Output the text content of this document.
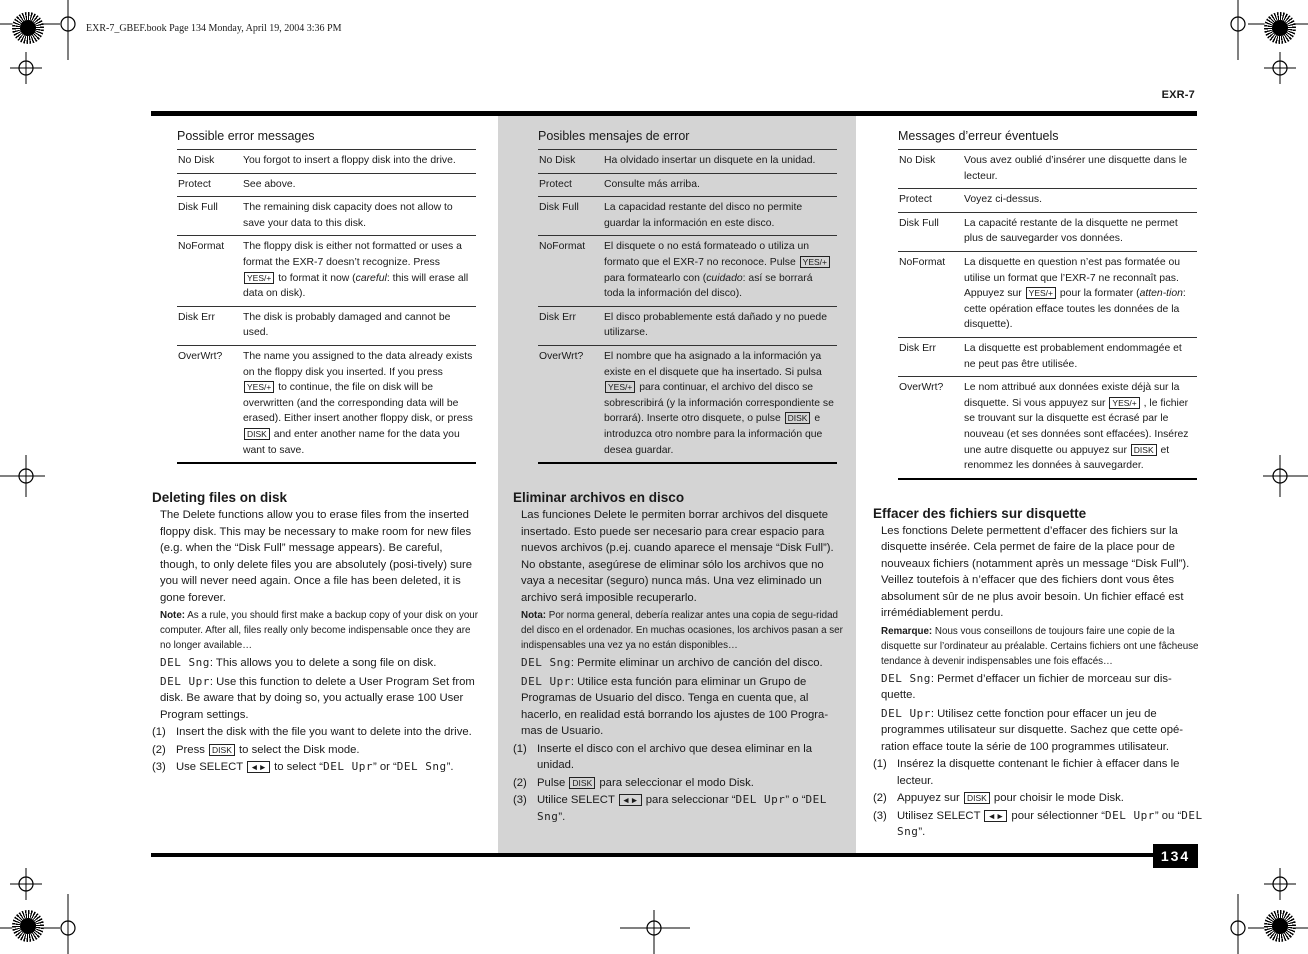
EXR-7_GBEF.book Page 134 Monday, April 19, 2004 3:36 PM
EXR-7
134
Possible error messages
No Disk	You forgot to insert a floppy disk into the drive.
Protect	See above.
Disk Full	The remaining disk capacity does not allow to save your data to this disk.
NoFormat	The floppy disk is either not formatted or uses a format the EXR-7 doesn’t recognize. Press YES/+ to format it now (careful: this will erase all data on disk).
Disk Err	The disk is probably damaged and cannot be used.
OverWrt?	The name you assigned to the data already exists on the floppy disk you inserted. If you press YES/+ to continue, the file on disk will be overwritten (and the corresponding data will be erased). Either insert another floppy disk, or press DISK and enter another name for the data you want to save.
Deleting files on disk
The Delete functions allow you to erase files from the inserted floppy disk. This may be necessary to make room for new files (e.g. when the “Disk Full” message appears). Be careful, though, to only delete files you are absolutely (posi-tively) sure you will never need again. Once a file has been deleted, it is gone forever.
Note: As a rule, you should first make a backup copy of your disk on your computer. After all, files really only become indispensable once they are no longer available…
DEL Sng: This allows you to delete a song file on disk.
DEL Upr: Use this function to delete a User Program Set from disk. Be aware that by doing so, you actually erase 100 User Program settings.
(1) Insert the disk with the file you want to delete into the drive.
(2) Press DISK to select the Disk mode.
(3) Use SELECT ◄► to select “DEL Upr” or “DEL Sng”.
Posibles mensajes de error
No Disk	Ha olvidado insertar un disquete en la unidad.
Protect	Consulte más arriba.
Disk Full	La capacidad restante del disco no permite guardar la información en este disco.
NoFormat	El disquete o no está formateado o utiliza un formato que el EXR-7 no reconoce. Pulse YES/+ para formatearlo con (cuidado: así se borrará toda la información del disco).
Disk Err	El disco probablemente está dañado y no puede utilizarse.
OverWrt?	El nombre que ha asignado a la información ya existe en el disquete que ha insertado. Si pulsa YES/+ para continuar, el archivo del disco se sobrescribirá (y la información correspondiente se borrará). Inserte otro disquete, o pulse DISK e introduzca otro nombre para la información que desea guardar.
Eliminar archivos en disco
Las funciones Delete le permiten borrar archivos del disquete insertado. Esto puede ser necesario para crear espacio para nuevos archivos (p.ej. cuando aparece el mensaje “Disk Full”). No obstante, asegúrese de eliminar sólo los archivos que no vaya a necesitar (seguro) nunca más. Una vez eliminado un archivo será imposible recuperarlo.
Nota: Por norma general, debería realizar antes una copia de segu-ridad del disco en el ordenador. En muchas ocasiones, los archivos pasan a ser indispensables una vez ya no están disponibles…
DEL Sng: Permite eliminar un archivo de canción del disco.
DEL Upr: Utilice esta función para eliminar un Grupo de Programas de Usuario del disco. Tenga en cuenta que, al hacerlo, en realidad está borrando los ajustes de 100 Progra-mas de Usuario.
(1) Inserte el disco con el archivo que desea eliminar en la unidad.
(2) Pulse DISK para seleccionar el modo Disk.
(3) Utilice SELECT ◄► para seleccionar “DEL Upr” o “DEL Sng”.
Messages d’erreur éventuels
No Disk	Vous avez oublié d’insérer une disquette dans le lecteur.
Protect	Voyez ci-dessus.
Disk Full	La capacité restante de la disquette ne permet plus de sauvegarder vos données.
NoFormat	La disquette en question n’est pas formatée ou utilise un format que l’EXR-7 ne reconnaît pas. Appuyez sur YES/+ pour la formater (atten-tion: cette opération efface toutes les données de la disquette).
Disk Err	La disquette est probablement endommagée et ne peut pas être utilisée.
OverWrt?	Le nom attribué aux données existe déjà sur la disquette. Si vous appuyez sur YES/+ , le fichier se trouvant sur la disquette est écrasé par le nouveau (et ses données sont effacées). Insérez une autre disquette ou appuyez sur DISK et renommez les données à sauvegarder.
Effacer des fichiers sur disquette
Les fonctions Delete permettent d’effacer des fichiers sur la disquette insérée. Cela permet de faire de la place pour de nouveaux fichiers (notamment après un message “Disk Full”). Veillez toutefois à n’effacer que des fichiers dont vous êtes absolument sûr de ne plus avoir besoin. Un fichier effacé est irrémédiablement perdu.
Remarque: Nous vous conseillons de toujours faire une copie de la disquette sur l’ordinateur au préalable. Certains fichiers ont une fâcheuse tendance à devenir indispensables une fois effacés…
DEL Sng: Permet d’effacer un fichier de morceau sur dis-quette.
DEL Upr: Utilisez cette fonction pour effacer un jeu de programmes utilisateur sur disquette. Sachez que cette opé-ration efface toute la série de 100 programmes utilisateur.
(1) Insérez la disquette contenant le fichier à effacer dans le lecteur.
(2) Appuyez sur DISK pour choisir le mode Disk.
(3) Utilisez SELECT ◄► pour sélectionner “DEL Upr” ou “DEL Sng”.
